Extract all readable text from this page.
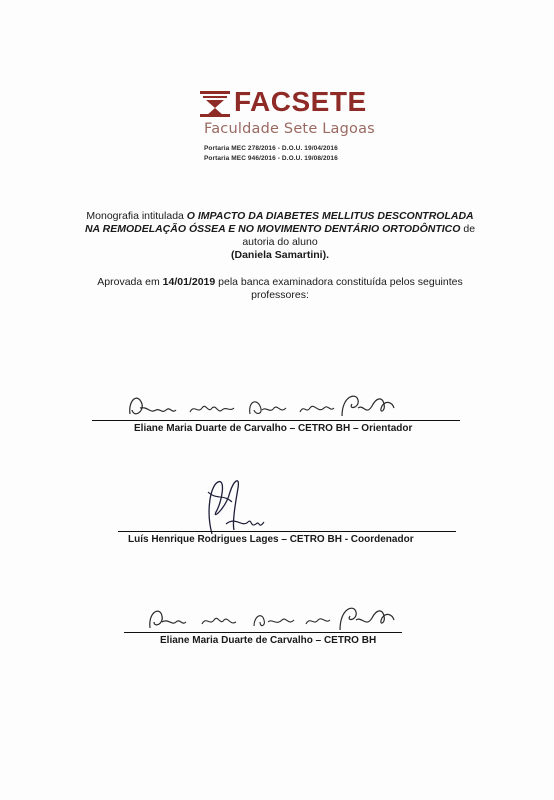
FACSETE
Faculdade Sete Lagoas
Portaria MEC 278/2016 - D.O.U. 19/04/2016
Portaria MEC 946/2016 - D.O.U. 19/08/2016
Monografia intitulada O IMPACTO DA DIABETES MELLITUS DESCONTROLADA NA REMODELAÇÃO ÓSSEA E NO MOVIMENTO DENTÁRIO ORTODÔNTICO de autoria do aluno
(Daniela Samartini).
Aprovada em 14/01/2019 pela banca examinadora constituída pelos seguintes professores:
Eliane Maria Duarte de Carvalho – CETRO BH – Orientador
Luís Henrique Rodrigues Lages – CETRO BH - Coordenador
Eliane Maria Duarte de Carvalho – CETRO BH
